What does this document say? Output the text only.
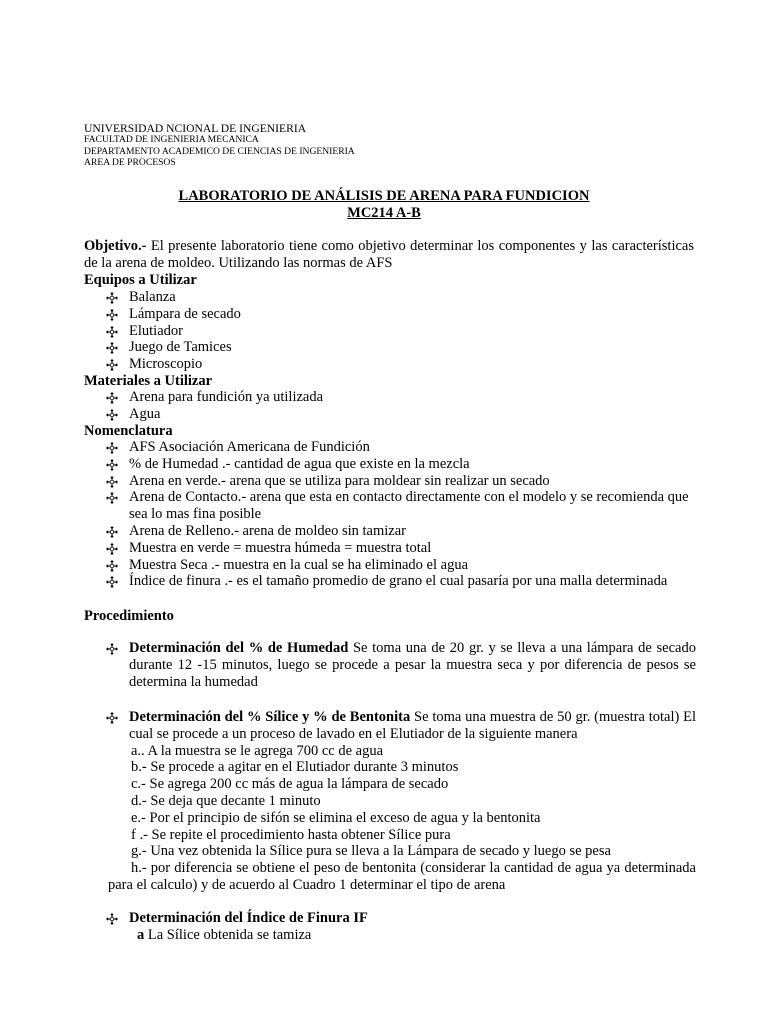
UNIVERSIDAD NCIONAL DE INGENIERIA
FACULTAD DE INGENIERIA MECANICA
DEPARTAMENTO ACADEMICO DE CIENCIAS DE INGENIERIA
AREA DE PROCESOS
LABORATORIO DE ANÁLISIS DE ARENA PARA FUNDICION
MC214 A-B
Objetivo.- El presente laboratorio tiene como objetivo determinar los componentes y las características de la arena de moldeo. Utilizando las normas de AFS
Equipos a Utilizar
Balanza
Lámpara de secado
Elutiador
Juego de Tamices
Microscopio
Materiales a Utilizar
Arena para fundición ya utilizada
Agua
Nomenclatura
AFS Asociación Americana de Fundición
% de Humedad .- cantidad de agua que existe en la mezcla
Arena en verde.- arena que se utiliza para moldear sin realizar un secado
Arena de Contacto.- arena que esta en contacto directamente con el modelo y se recomienda que sea lo mas fina posible
Arena de Relleno.- arena de moldeo sin tamizar
Muestra en verde = muestra húmeda = muestra total
Muestra Seca .- muestra en la cual se ha eliminado el agua
Índice de finura .- es el tamaño promedio de grano el cual pasaría por una malla determinada
Procedimiento
Determinación del % de Humedad Se toma una de 20 gr. y se lleva a una lámpara de secado durante 12 -15 minutos, luego se procede a pesar la muestra seca y por diferencia de pesos se determina la humedad
Determinación del % Sílice y % de Bentonita Se toma una muestra de 50 gr. (muestra total) El cual se procede a un proceso de lavado en el Elutiador de la siguiente manera
a.. A la muestra se le agrega 700 cc de agua
b.- Se procede a agitar en el Elutiador durante 3 minutos
c.- Se agrega 200 cc más de agua la lámpara de secado
d.- Se deja que decante 1 minuto
e.- Por el principio de sifón se elimina el exceso de agua y la bentonita
f .- Se repite el procedimiento hasta obtener Sílice pura
g.- Una vez obtenida la Sílice pura se lleva a la Lámpara de secado y luego se pesa
h.- por diferencia se obtiene el peso de bentonita (considerar la cantidad de agua ya determinada para el calculo) y de acuerdo al Cuadro 1 determinar el tipo de arena
Determinación del Índice de Finura IF
a La Sílice obtenida se tamiza
